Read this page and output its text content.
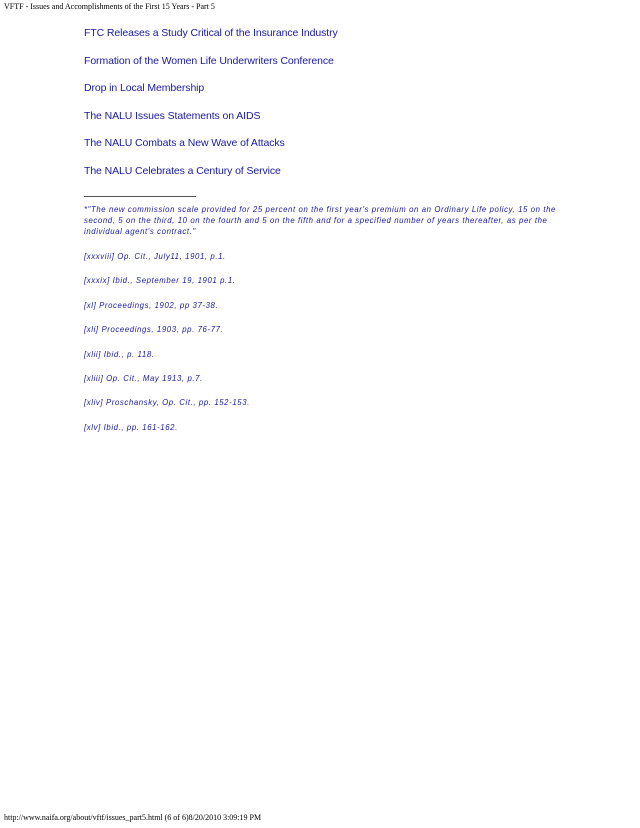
VFTF - Issues and Accomplishments of the First 15 Years - Part 5
FTC Releases a Study Critical of the Insurance Industry
Formation of the Women Life Underwriters Conference
Drop in Local Membership
The NALU Issues Statements on AIDS
The NALU Combats a New Wave of Attacks
The NALU Celebrates a Century of Service
*"The new commission scale provided for 25 percent on the first year's premium on an Ordinary Life policy, 15 on the second, 5 on the third, 10 on the fourth and 5 on the fifth and for a specified number of years thereafter, as per the individual agent's contract."
[xxxviii] Op. Cit., July11, 1901, p.1.
[xxxix] Ibid., September 19, 1901 p.1.
[xl] Proceedings, 1902, pp 37-38.
[xli] Proceedings, 1903, pp. 76-77.
[xlii] Ibid., p. 118.
[xliii] Op. Cit., May 1913, p.7.
[xliv] Proschansky, Op. Cit., pp. 152-153.
[xlv] Ibid., pp. 161-162.
http://www.naifa.org/about/vftf/issues_part5.html (6 of 6)8/20/2010 3:09:19 PM
